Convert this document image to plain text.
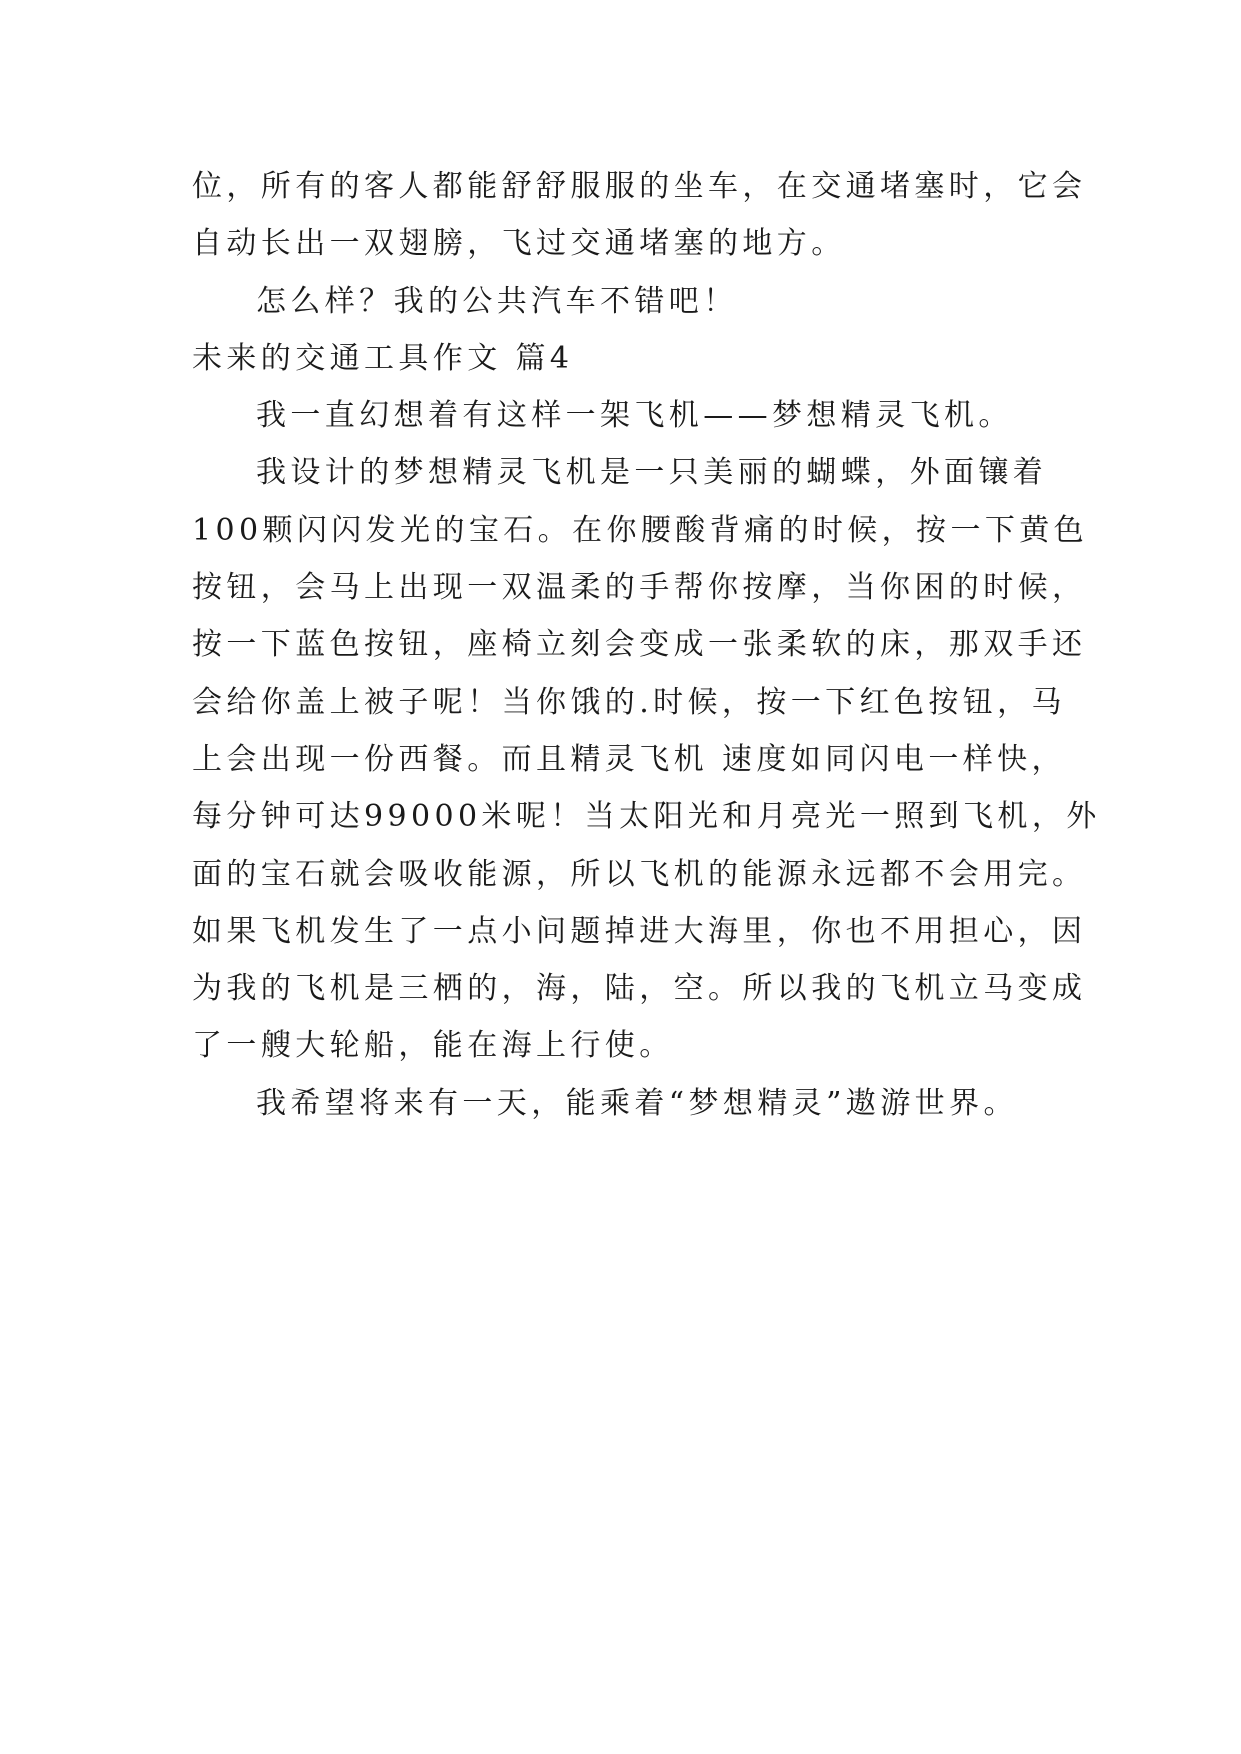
位，所有的客人都能舒舒服服的坐车，在交通堵塞时，它会
自动长出一双翅膀，飞过交通堵塞的地方。
怎么样？我的公共汽车不错吧！
未来的交通工具作文 篇4
我一直幻想着有这样一架飞机——梦想精灵飞机。
我设计的梦想精灵飞机是一只美丽的蝴蝶，外面镶着
100颗闪闪发光的宝石。在你腰酸背痛的时候，按一下黄色
按钮，会马上出现一双温柔的手帮你按摩，当你困的时候，
按一下蓝色按钮，座椅立刻会变成一张柔软的床，那双手还
会给你盖上被子呢！当你饿的.时候，按一下红色按钮，马
上会出现一份西餐。而且精灵飞机 速度如同闪电一样快，
每分钟可达99000米呢！当太阳光和月亮光一照到飞机，外
面的宝石就会吸收能源，所以飞机的能源永远都不会用完。
如果飞机发生了一点小问题掉进大海里，你也不用担心，因
为我的飞机是三栖的，海，陆，空。所以我的飞机立马变成
了一艘大轮船，能在海上行使。
我希望将来有一天，能乘着“梦想精灵”遨游世界。
